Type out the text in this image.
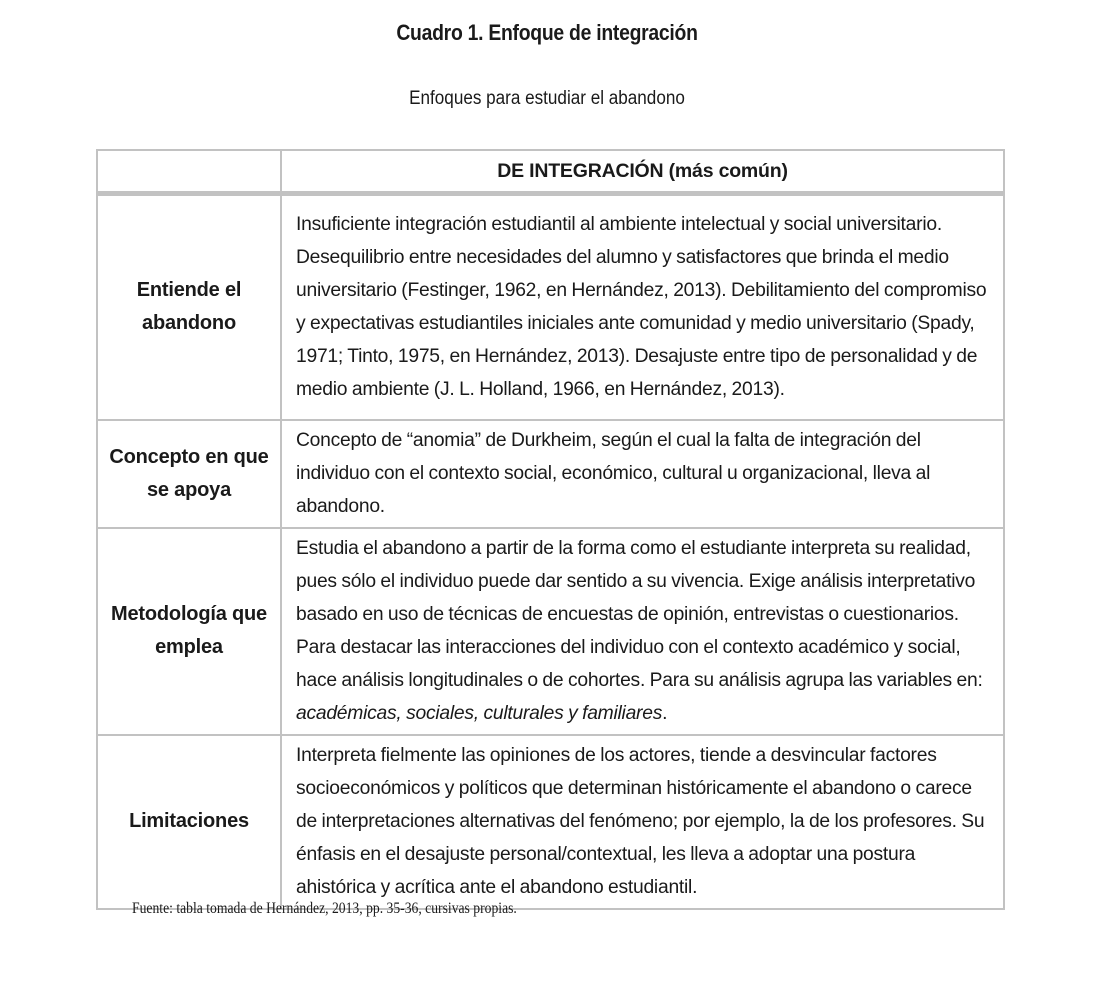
Cuadro 1. Enfoque de integración
Enfoques para estudiar el abandono
	DE INTEGRACIÓN (más común)
Entiende el abandono	Insuficiente integración estudiantil al ambiente intelectual y social universitario. Desequilibrio entre necesidades del alumno y satisfactores que brinda el medio universitario (Festinger, 1962, en Hernández, 2013). Debilitamiento del compromiso y expectativas estudiantiles iniciales ante comunidad y medio universitario (Spady, 1971; Tinto, 1975, en Hernández, 2013). Desajuste entre tipo de personalidad y de medio ambiente (J. L. Holland, 1966, en Hernández, 2013).
Concepto en que se apoya	Concepto de “anomia” de Durkheim, según el cual la falta de integración del individuo con el contexto social, económico, cultural u organizacional, lleva al abandono.
Metodología que emplea	Estudia el abandono a partir de la forma como el estudiante interpreta su realidad, pues sólo el individuo puede dar sentido a su vivencia. Exige análisis interpretativo basado en uso de técnicas de encuestas de opinión, entrevistas o cuestionarios. Para destacar las interacciones del individuo con el contexto académico y social, hace análisis longitudinales o de cohortes. Para su análisis agrupa las variables en: académicas, sociales, culturales y familiares.
Limitaciones	Interpreta fielmente las opiniones de los actores, tiende a desvincular factores socioeconómicos y políticos que determinan históricamente el abandono o carece de interpretaciones alternativas del fenómeno; por ejemplo, la de los profesores. Su énfasis en el desajuste personal/contextual, les lleva a adoptar una postura ahistórica y acrítica ante el abandono estudiantil.
Fuente: tabla tomada de Hernández, 2013, pp. 35-36, cursivas propias.
